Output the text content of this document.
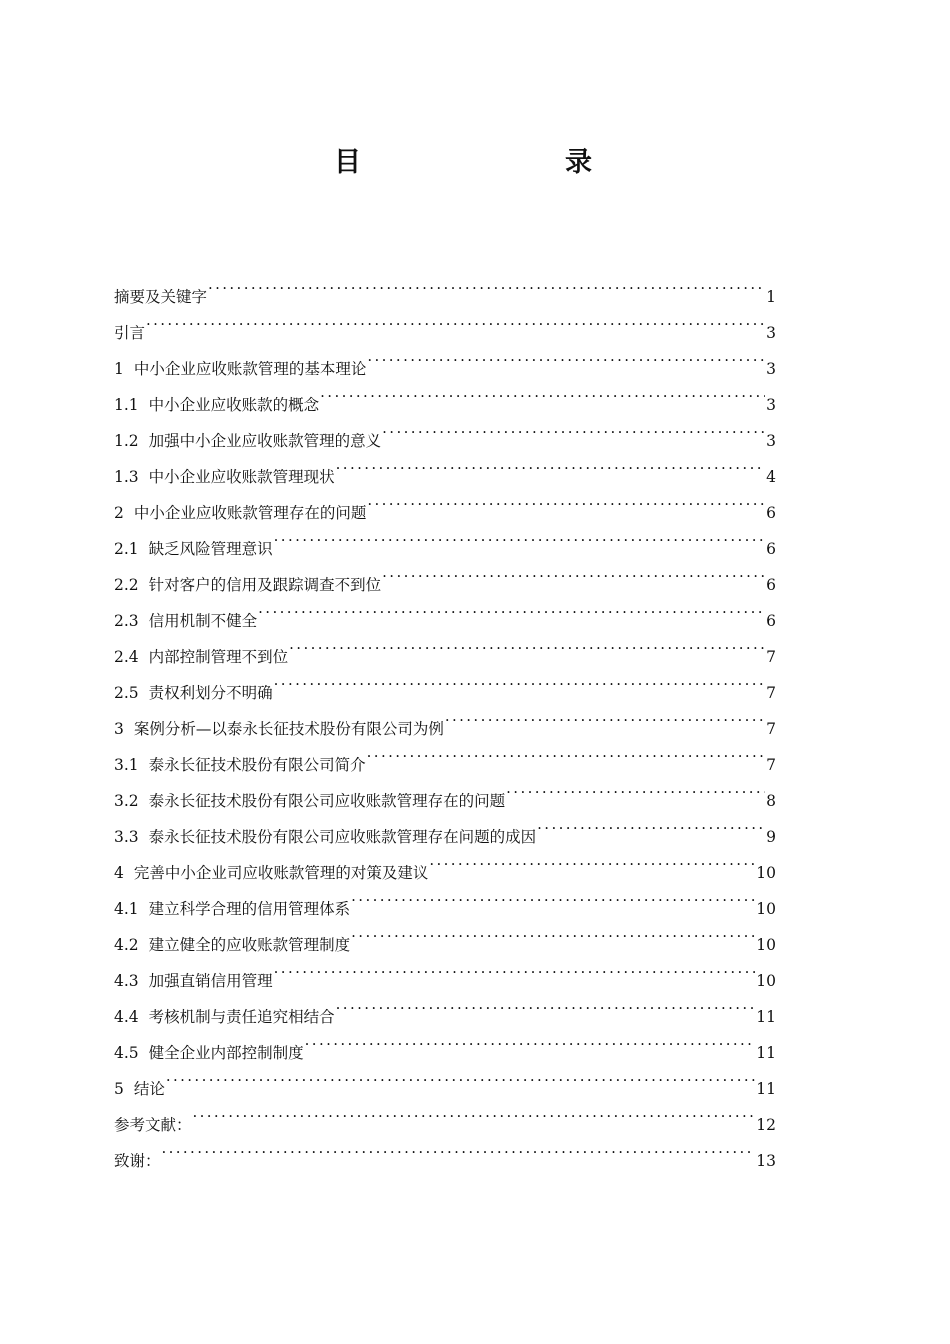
目　　录
摘要及关键字 . . .	1
引言 . . .	3
1 中小企业应收账款管理的基本理论 . . .	3
1.1 中小企业应收账款的概念 . . .	3
1.2 加强中小企业应收账款管理的意义 . . .	3
1.3 中小企业应收账款管理现状 . . .	4
2 中小企业应收账款管理存在的问题 . . .	6
2.1 缺乏风险管理意识 . . .	6
2.2 针对客户的信用及跟踪调查不到位 . . .	6
2.3 信用机制不健全 . . .	6
2.4 内部控制管理不到位 . . .	7
2.5 责权利划分不明确 . . .	7
3 案例分析—以泰永长征技术股份有限公司为例 . . .	7
3.1 泰永长征技术股份有限公司简介 . . .	7
3.2 泰永长征技术股份有限公司应收账款管理存在的问题 . . .	8
3.3 泰永长征技术股份有限公司应收账款管理存在问题的成因 . . .	9
4 完善中小企业司应收账款管理的对策及建议 . . .	10
4.1 建立科学合理的信用管理体系 . . .	10
4.2 建立健全的应收账款管理制度 . . .	10
4.3 加强直销信用管理 . . .	10
4.4 考核机制与责任追究相结合 . . .	11
4.5 健全企业内部控制制度 . . .	11
5 结论 . . .	11
参考文献： . . .	12
致谢： . . .	13
